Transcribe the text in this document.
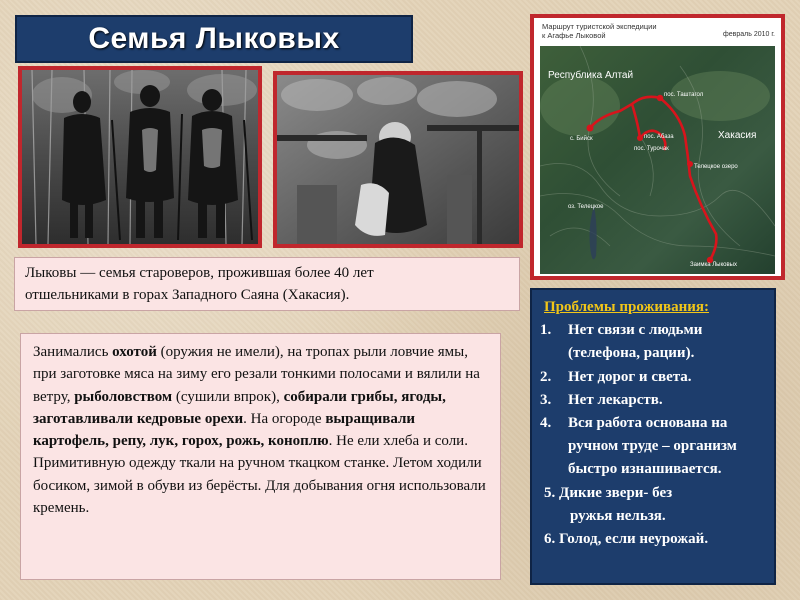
Семья Лыковых	Маршрут туристской экспедиции
к Агафье Лыковой	февраль 2010 г.
Республика Алтай
Хакасия
с. Бийск
пос. Таштагол
пос. Абаза
пос. Турочак
Телецкое озеро
Заимка Лыковых
оз. Телецкое
Лыковы — семья староверов, прожившая более 40 лет
отшельниками в горах Западного Саяна (Хакасия).

Занимались охотой (оружия не имели), на тропах рыли ловчие ямы, при заготовке мяса на зиму его резали тонкими полосами и вялили на ветру, рыболовством (сушили впрок), собирали грибы, ягоды, заготавливали кедровые орехи. На огороде выращивали картофель, репу, лук, горох, рожь, коноплю. Не ели хлеба и соли.

Примитивную одежду ткали на ручном ткацком станке. Летом ходили босиком, зимой в обуви из берёсты. Для добывания огня использовали кремень.

Проблемы проживания:
1.	Нет связи с людьми (телефона, рации).
2.	Нет дорог и света.
3.	Нет лекарств.
4.	Вся работа основана на ручном труде – организм быстро изнашивается.
5. Дикие звери- без
ружья нельзя.
6. Голод, если неурожай.
